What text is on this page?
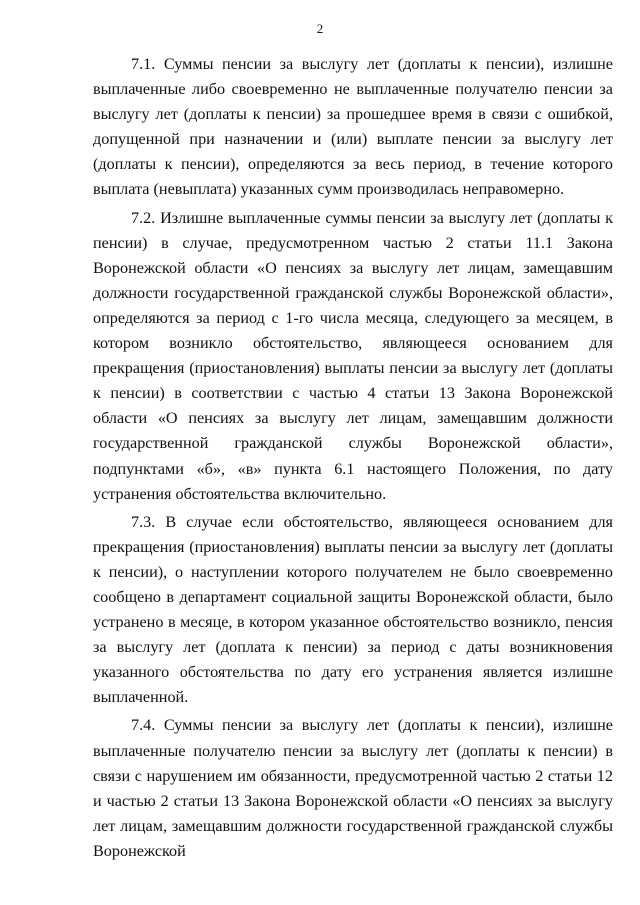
2

7.1. Суммы пенсии за выслугу лет (доплаты к пенсии), излишне выплаченные либо своевременно не выплаченные получателю пенсии за выслугу лет (доплаты к пенсии) за прошедшее время в связи с ошибкой, допущенной при назначении и (или) выплате пенсии за выслугу лет (доплаты к пенсии), определяются за весь период, в течение которого выплата (невыплата) указанных сумм производилась неправомерно.

7.2. Излишне выплаченные суммы пенсии за выслугу лет (доплаты к пенсии) в случае, предусмотренном частью 2 статьи 11.1 Закона Воронежской области «О пенсиях за выслугу лет лицам, замещавшим должности государственной гражданской службы Воронежской области», определяются за период с 1-го числа месяца, следующего за месяцем, в котором возникло обстоятельство, являющееся основанием для прекращения (приостановления) выплаты пенсии за выслугу лет (доплаты к пенсии) в соответствии с частью 4 статьи 13 Закона Воронежской области «О пенсиях за выслугу лет лицам, замещавшим должности государственной гражданской службы Воронежской области», подпунктами «б», «в» пункта 6.1 настоящего Положения, по дату устранения обстоятельства включительно.

7.3. В случае если обстоятельство, являющееся основанием для прекращения (приостановления) выплаты пенсии за выслугу лет (доплаты к пенсии), о наступлении которого получателем не было своевременно сообщено в департамент социальной защиты Воронежской области, было устранено в месяце, в котором указанное обстоятельство возникло, пенсия за выслугу лет (доплата к пенсии) за период с даты возникновения указанного обстоятельства по дату его устранения является излишне выплаченной.

7.4. Суммы пенсии за выслугу лет (доплаты к пенсии), излишне выплаченные получателю пенсии за выслугу лет (доплаты к пенсии) в связи с нарушением им обязанности, предусмотренной частью 2 статьи 12 и частью 2 статьи 13 Закона Воронежской области «О пенсиях за выслугу лет лицам, замещавшим должности государственной гражданской службы Воронежской
